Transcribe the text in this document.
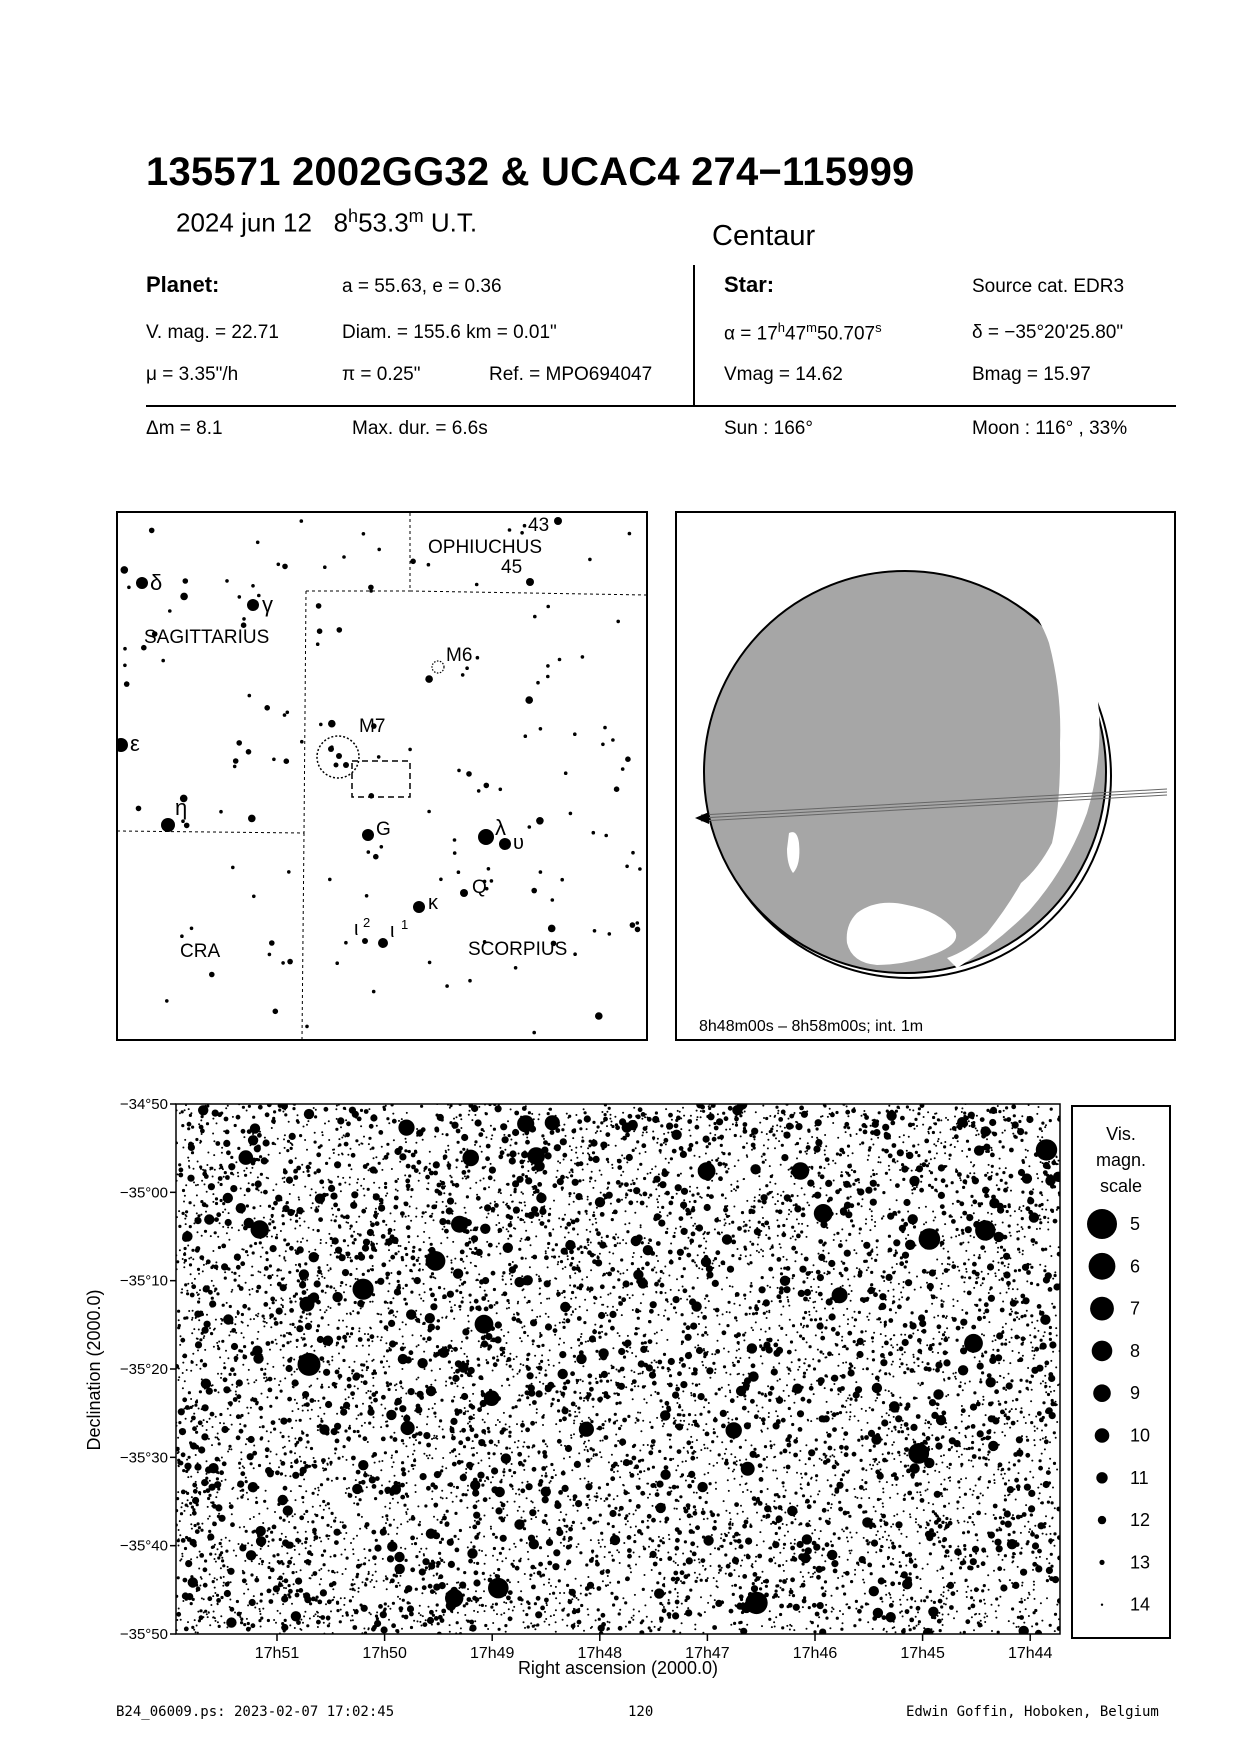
135571 2002GG32 & UCAC4 274−115999
2024 jun 12 8$^h$53.3$^m$ U.T.	Centaur
Planet:	a = 55.63, e = 0.36
V. mag. = 22.71	Diam. = 155.6 km = 0.01"
μ = 3.35"/h	π = 0.25"	Ref. = MPO694047
Star:	Source cat. EDR3
$\alpha = 17^h47^m50.707^s$	δ = −35°20'25.80"
Vmag = 14.62	Bmag = 15.97
Δm = 8.1	Max. dur. = 6.6s	Sun : 166°	Moon : 116° , 33%
43
OPHIUCHUS
45
δ
γ
SAGITTARIUS
M6
ε
M7
η
G	λ
υ
Q
κ
ι 2 ι 1
CRA	SCORPIUS
8h48m00s – 8h58m00s; int. 1m
−34°50
−35°00
−35°10
−35°20
−35°30
−35°40
−35°50
17h51	17h50	17h49	17h48	17h47	17h46	17h45	17h44
Declination (2000.0)
Right ascension (2000.0)
Vis.
magn.
scale
5
6
7
8
9
10
11
12
13
14
B24_06009.ps: 2023-02-07 17:02:45	120	Edwin Goffin, Hoboken, Belgium
